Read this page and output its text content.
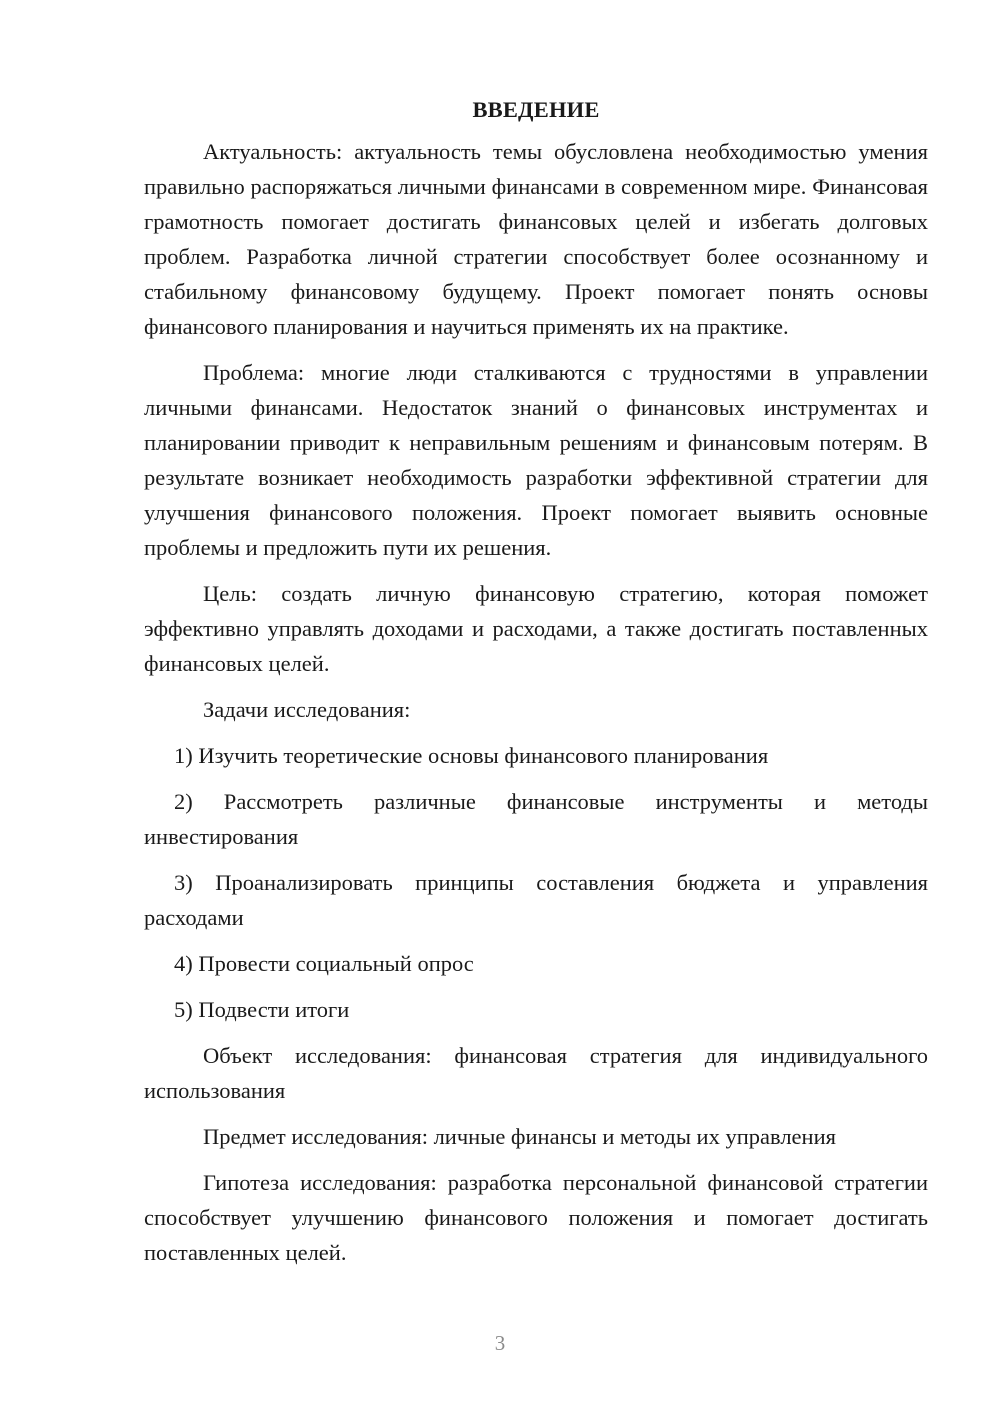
ВВЕДЕНИЕ

Актуальность: актуальность темы обусловлена необходимостью умения правильно распоряжаться личными финансами в современном мире. Финансовая грамотность помогает достигать финансовых целей и избегать долговых проблем. Разработка личной стратегии способствует более осознанному и стабильному финансовому будущему. Проект помогает понять основы финансового планирования и научиться применять их на практике.

Проблема: многие люди сталкиваются с трудностями в управлении личными финансами. Недостаток знаний о финансовых инструментах и планировании приводит к неправильным решениям и финансовым потерям. В результате возникает необходимость разработки эффективной стратегии для улучшения финансового положения. Проект помогает выявить основные проблемы и предложить пути их решения.

Цель: создать личную финансовую стратегию, которая поможет эффективно управлять доходами и расходами, а также достигать поставленных финансовых целей.

Задачи исследования:

1) Изучить теоретические основы финансового планирования

2) Рассмотреть различные финансовые инструменты и методы инвестирования

3) Проанализировать принципы составления бюджета и управления расходами

4) Провести социальный опрос

5) Подвести итоги

Объект исследования: финансовая стратегия для индивидуального использования

Предмет исследования: личные финансы и методы их управления

Гипотеза исследования: разработка персональной финансовой стратегии способствует улучшению финансового положения и помогает достигать поставленных целей.

3
